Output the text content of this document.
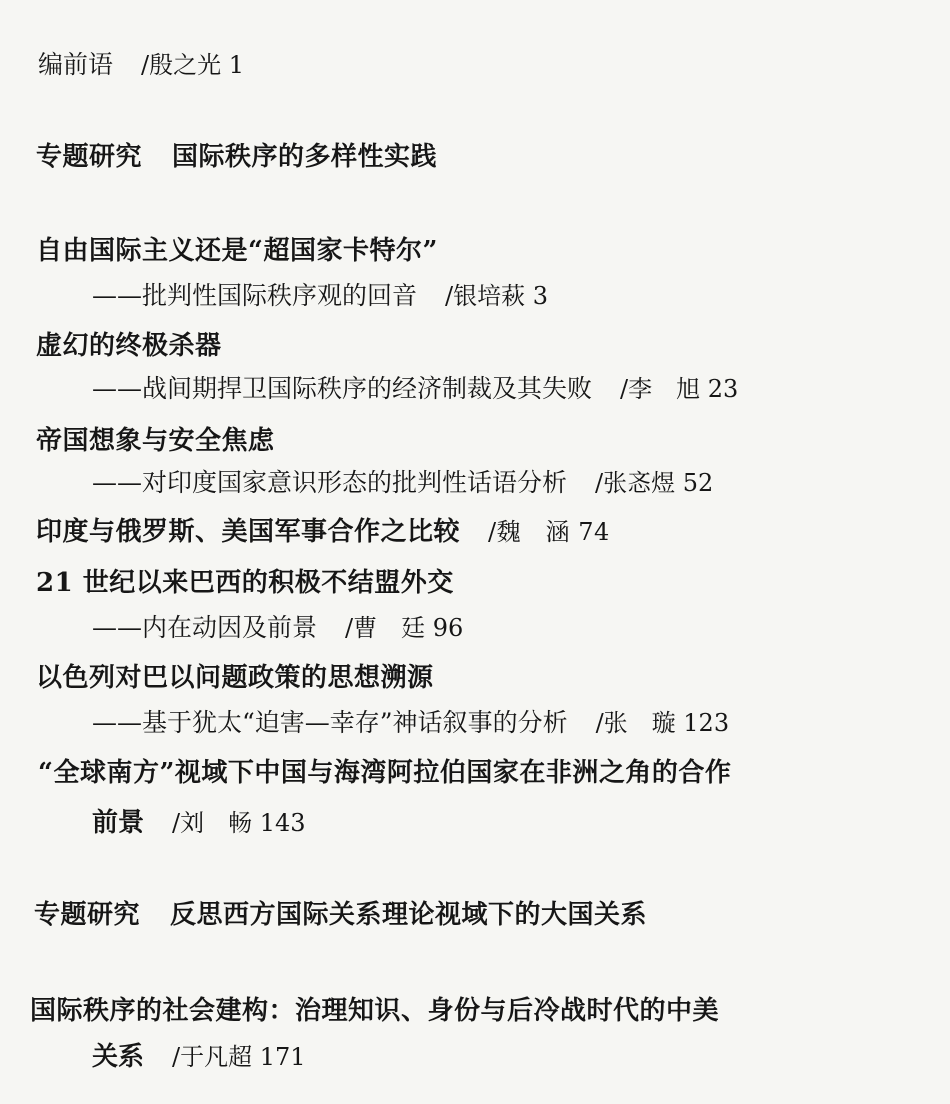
编前语 /殷之光 1
专题研究 国际秩序的多样性实践
自由国际主义还是“超国家卡特尔”
——批判性国际秩序观的回音 /银培萩 3
虚幻的终极杀器
——战间期捍卫国际秩序的经济制裁及其失败 /李　旭 23
帝国想象与安全焦虑
——对印度国家意识形态的批判性话语分析 /张忞煜 52
印度与俄罗斯、美国军事合作之比较 /魏　涵 74
21 世纪以来巴西的积极不结盟外交
——内在动因及前景 /曹　廷 96
以色列对巴以问题政策的思想溯源
——基于犹太“迫害—幸存”神话叙事的分析 /张　璇 123
“全球南方”视域下中国与海湾阿拉伯国家在非洲之角的合作
前景 /刘　畅 143
专题研究 反思西方国际关系理论视域下的大国关系
国际秩序的社会建构：治理知识、身份与后冷战时代的中美
关系 /于凡超 171
